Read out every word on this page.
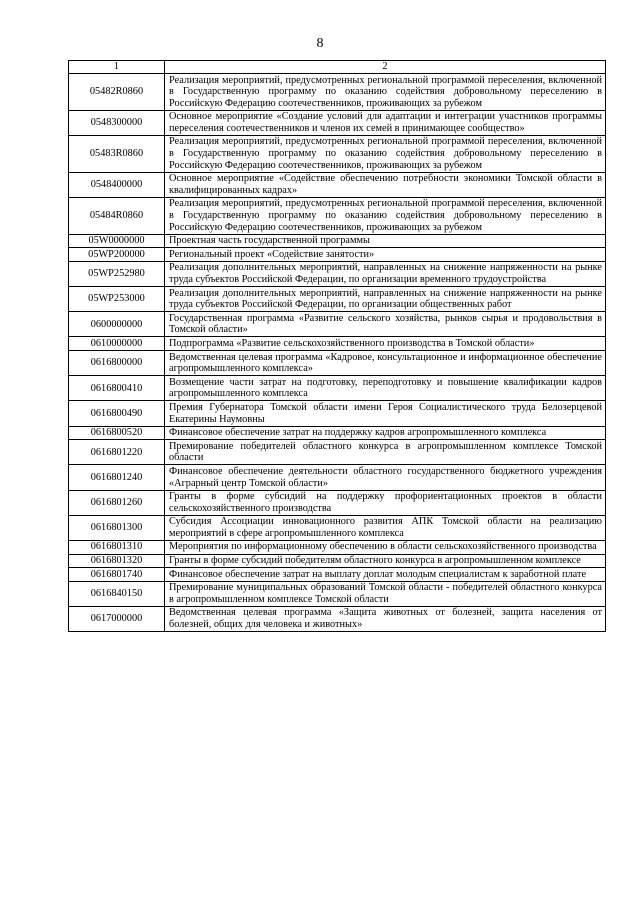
8
1	2
05482R0860	Реализация мероприятий, предусмотренных региональной программой переселения, включенной в Государственную программу по оказанию содействия добровольному переселению в Российскую Федерацию соотечественников, проживающих за рубежом
0548300000	Основное мероприятие «Создание условий для адаптации и интеграции участников программы переселения соотечественников и членов их семей в принимающее сообщество»
05483R0860	Реализация мероприятий, предусмотренных региональной программой переселения, включенной в Государственную программу по оказанию содействия добровольному переселению в Российскую Федерацию соотечественников, проживающих за рубежом
0548400000	Основное мероприятие «Содействие обеспечению потребности экономики Томской области в квалифицированных кадрах»
05484R0860	Реализация мероприятий, предусмотренных региональной программой переселения, включенной в Государственную программу по оказанию содействия добровольному переселению в Российскую Федерацию соотечественников, проживающих за рубежом
05W0000000	Проектная часть государственной программы
05WP200000	Региональный проект «Содействие занятости»
05WP252980	Реализация дополнительных мероприятий, направленных на снижение напряженности на рынке труда субъектов Российской Федерации, по организации временного трудоустройства
05WP253000	Реализация дополнительных мероприятий, направленных на снижение напряженности на рынке труда субъектов Российской Федерации, по организации общественных работ
0600000000	Государственная программа «Развитие сельского хозяйства, рынков сырья и продовольствия в Томской области»
0610000000	Подпрограмма «Развитие сельскохозяйственного производства в Томской области»
0616800000	Ведомственная целевая программа «Кадровое, консультационное и информационное обеспечение агропромышленного комплекса»
0616800410	Возмещение части затрат на подготовку, переподготовку и повышение квалификации кадров агропромышленного комплекса
0616800490	Премия Губернатора Томской области имени Героя Социалистического труда Белозерцевой Екатерины Наумовны
0616800520	Финансовое обеспечение затрат на поддержку кадров агропромышленного комплекса
0616801220	Премирование победителей областного конкурса в агропромышленном комплексе Томской области
0616801240	Финансовое обеспечение деятельности областного государственного бюджетного учреждения «Аграрный центр Томской области»
0616801260	Гранты в форме субсидий на поддержку профориентационных проектов в области сельскохозяйственного производства
0616801300	Субсидия Ассоциации инновационного развития АПК Томской области на реализацию мероприятий в сфере агропромышленного комплекса
0616801310	Мероприятия по информационному обеспечению в области сельскохозяйственного производства
0616801320	Гранты в форме субсидий победителям областного конкурса в агропромышленном комплексе
0616801740	Финансовое обеспечение затрат на выплату доплат молодым специалистам к заработной плате
0616840150	Премирование муниципальных образований Томской области - победителей областного конкурса в агропромышленном комплексе Томской области
0617000000	Ведомственная целевая программа «Защита животных от болезней, защита населения от болезней, общих для человека и животных»
